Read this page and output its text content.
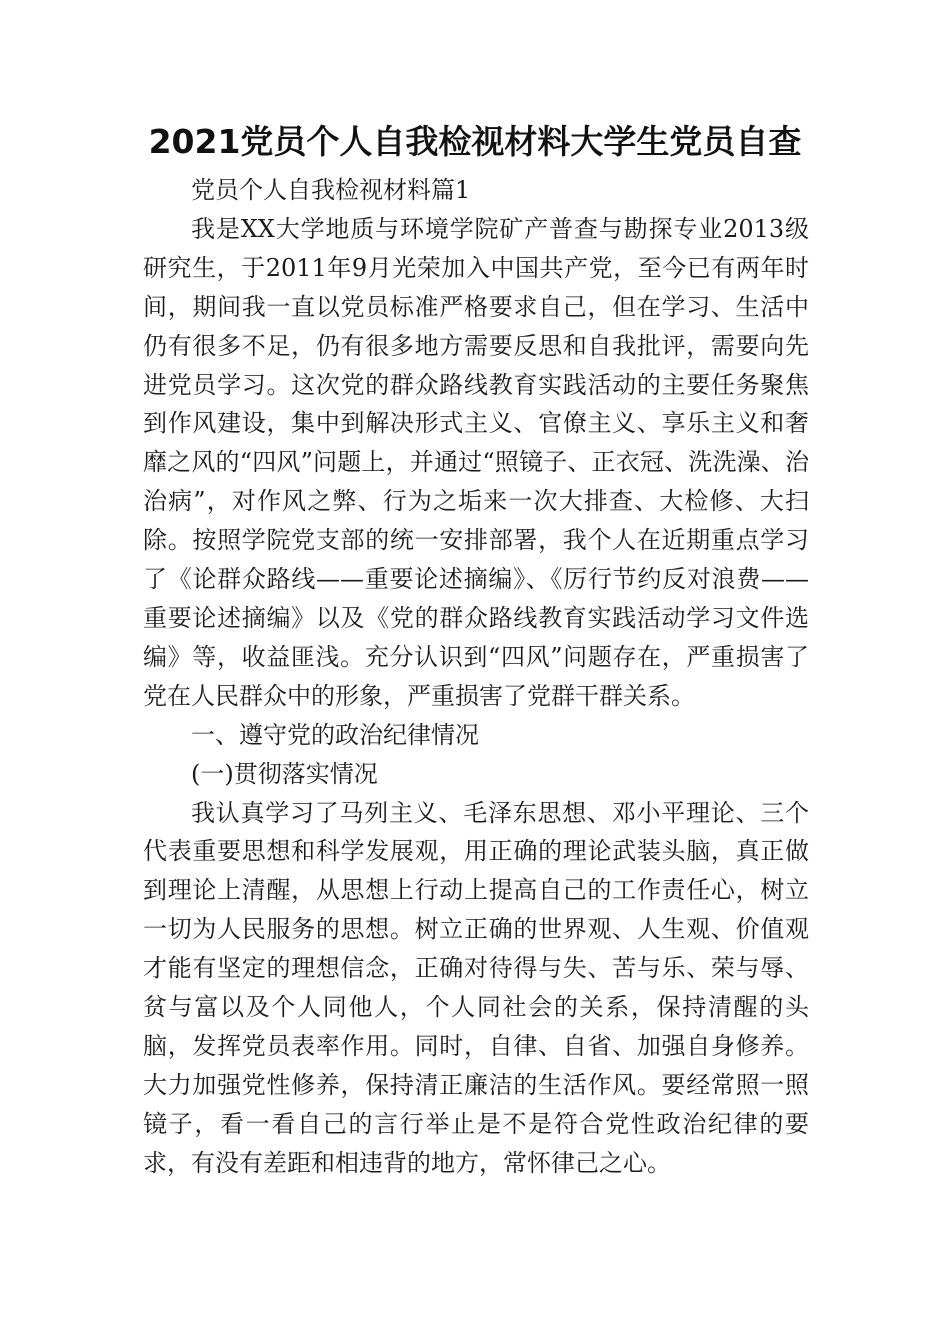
2021党员个人自我检视材料大学生党员自查

党员个人自我检视材料篇1

我是XX大学地质与环境学院矿产普查与勘探专业2013级研究生，于2011年9月光荣加入中国共产党，至今已有两年时间，期间我一直以党员标准严格要求自己，但在学习、生活中仍有很多不足，仍有很多地方需要反思和自我批评，需要向先进党员学习。这次党的群众路线教育实践活动的主要任务聚焦到作风建设，集中到解决形式主义、官僚主义、享乐主义和奢靡之风的“四风”问题上，并通过“照镜子、正衣冠、洗洗澡、治治病”，对作风之弊、行为之垢来一次大排查、大检修、大扫除。按照学院党支部的统一安排部署，我个人在近期重点学习了《论群众路线——重要论述摘编》、《厉行节约反对浪费——重要论述摘编》以及《党的群众路线教育实践活动学习文件选编》等，收益匪浅。充分认识到“四风”问题存在，严重损害了党在人民群众中的形象，严重损害了党群干群关系。

一、遵守党的政治纪律情况

(一)贯彻落实情况

我认真学习了马列主义、毛泽东思想、邓小平理论、三个代表重要思想和科学发展观，用正确的理论武装头脑，真正做到理论上清醒，从思想上行动上提高自己的工作责任心，树立一切为人民服务的思想。树立正确的世界观、人生观、价值观才能有坚定的理想信念，正确对待得与失、苦与乐、荣与辱、贫与富以及个人同他人，个人同社会的关系，保持清醒的头脑，发挥党员表率作用。同时，自律、自省、加强自身修养。大力加强党性修养，保持清正廉洁的生活作风。要经常照一照镜子，看一看自己的言行举止是不是符合党性政治纪律的要求，有没有差距和相违背的地方，常怀律己之心。
